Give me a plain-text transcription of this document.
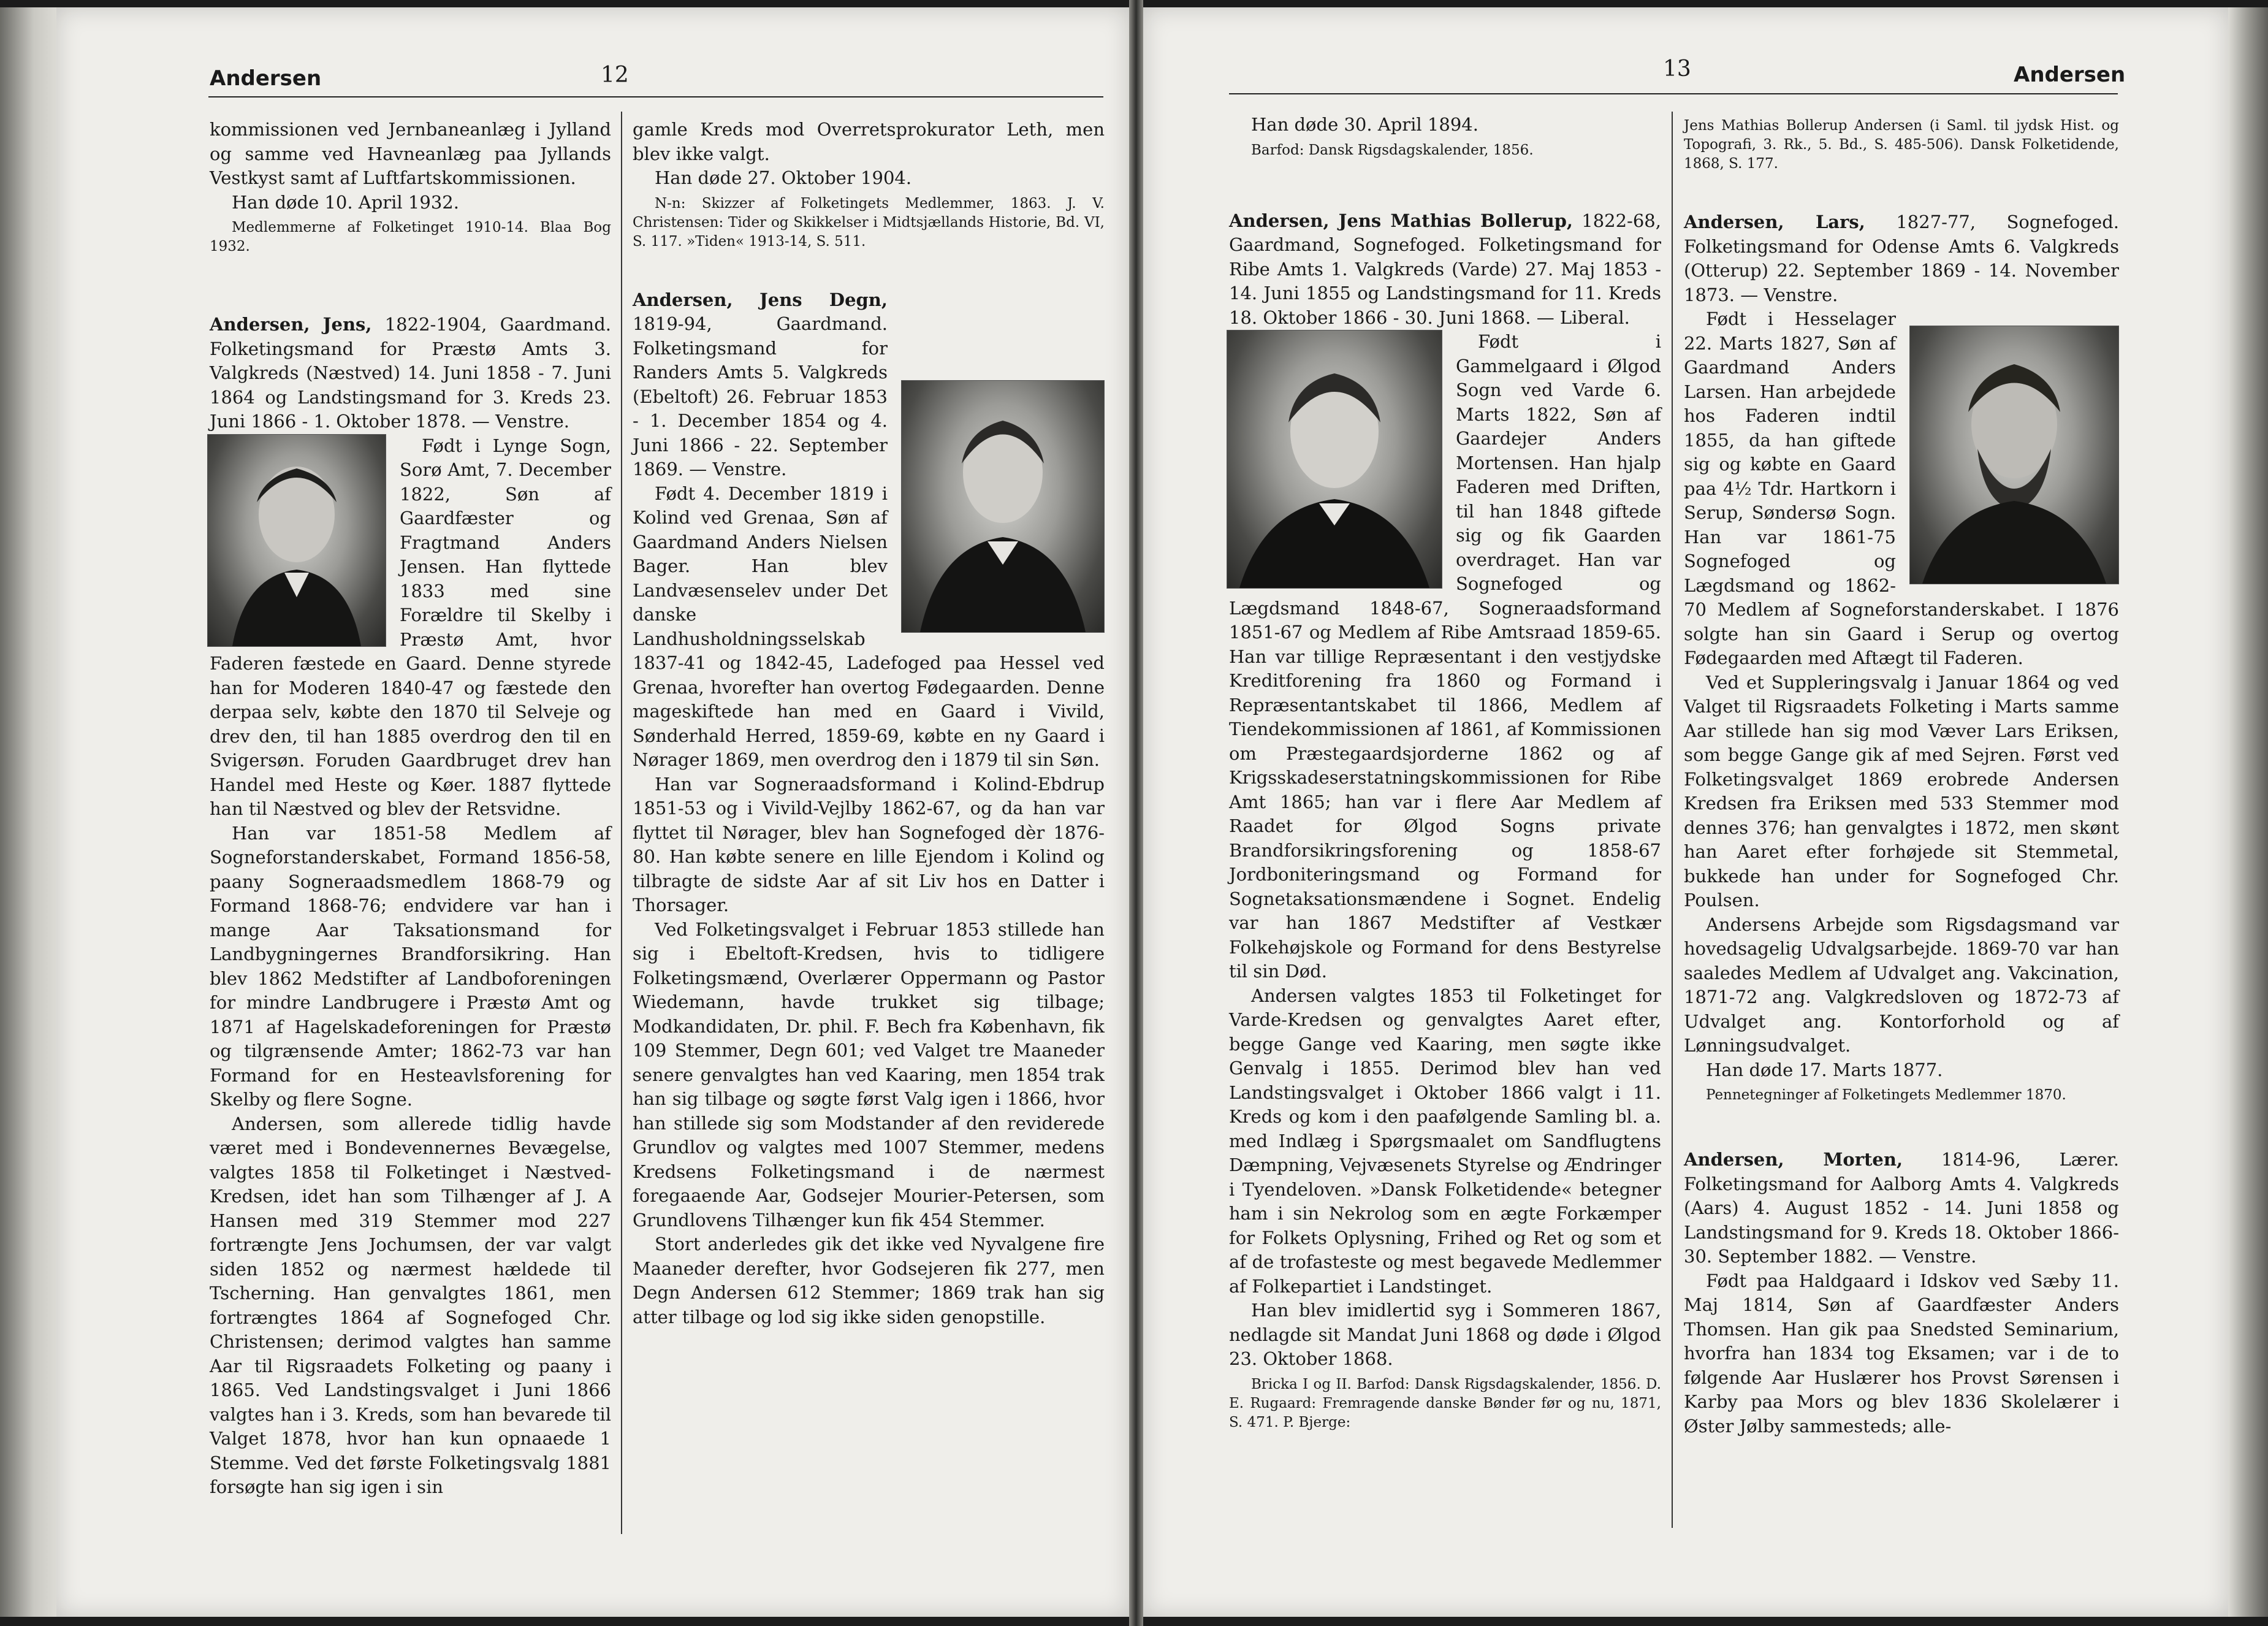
Andersen	12

kommissionen ved Jernbaneanlæg i Jylland og samme ved Havneanlæg paa Jyllands Vestkyst samt af Luftfartskommissionen.

Han døde 10. April 1932.

Medlemmerne af Folketinget 1910-14. Blaa Bog 1932.

Andersen, Jens, 1822-1904, Gaardmand. Folketingsmand for Præstø Amts 3. Valgkreds (Næstved) 14. Juni 1858 - 7. Juni 1864 og Landstingsmand for 3. Kreds 23. Juni 1866 - 1. Oktober 1878. — Venstre.

Født i Lynge Sogn, Sorø Amt, 7. December 1822, Søn af Gaardfæster og Fragtmand Anders Jensen. Han flyttede 1833 med sine Forældre til Skelby i Præstø Amt, hvor Faderen fæstede en Gaard. Denne styrede han for Moderen 1840-47 og fæstede den derpaa selv, købte den 1870 til Selveje og drev den, til han 1885 overdrog den til en Svigersøn. Foruden Gaardbruget drev han Handel med Heste og Køer. 1887 flyttede han til Næstved og blev der Retsvidne.

Han var 1851-58 Medlem af Sogneforstanderskabet, Formand 1856-58, paany Sogneraadsmedlem 1868-79 og Formand 1868-76; endvidere var han i mange Aar Taksationsmand for Landbygningernes Brandforsikring. Han blev 1862 Medstifter af Landboforeningen for mindre Landbrugere i Præstø Amt og 1871 af Hagelskadeforeningen for Præstø og tilgrænsende Amter; 1862-73 var han Formand for en Hesteavlsforening for Skelby og flere Sogne.

Andersen, som allerede tidlig havde været med i Bondevennernes Bevægelse, valgtes 1858 til Folketinget i Næstved-Kredsen, idet han som Tilhænger af J. A Hansen med 319 Stemmer mod 227 fortrængte Jens Jochumsen, der var valgt siden 1852 og nærmest hældede til Tscherning. Han genvalgtes 1861, men fortrængtes 1864 af Sognefoged Chr. Christensen; derimod valgtes han samme Aar til Rigsraadets Folketing og paany i 1865. Ved Landstingsvalget i Juni 1866 valgtes han i 3. Kreds, som han bevarede til Valget 1878, hvor han kun opnaaede 1 Stemme. Ved det første Folketingsvalg 1881 forsøgte han sig igen i sin

gamle Kreds mod Overretsprokurator Leth, men blev ikke valgt.

Han døde 27. Oktober 1904.

N-n: Skizzer af Folketingets Medlemmer, 1863. J. V. Christensen: Tider og Skikkelser i Midtsjællands Historie, Bd. VI, S. 117. »Tiden« 1913-14, S. 511.

Andersen, Jens Degn, 1819-94, Gaardmand. Folketingsmand for Randers Amts 5. Valgkreds (Ebeltoft) 26. Februar 1853 - 1. December 1854 og 4. Juni 1866 - 22. September 1869. — Venstre.

Født 4. December 1819 i Kolind ved Grenaa, Søn af Gaardmand Anders Nielsen Bager. Han blev Landvæsenselev under Det danske Landhusholdningsselskab 1837-41 og 1842-45, Ladefoged paa Hessel ved Grenaa, hvorefter han overtog Fødegaarden. Denne mageskiftede han med en Gaard i Vivild, Sønderhald Herred, 1859-69, købte en ny Gaard i Nørager 1869, men overdrog den i 1879 til sin Søn.

Han var Sogneraadsformand i Kolind-Ebdrup 1851-53 og i Vivild-Vejlby 1862-67, og da han var flyttet til Nørager, blev han Sognefoged dèr 1876-80. Han købte senere en lille Ejendom i Kolind og tilbragte de sidste Aar af sit Liv hos en Datter i Thorsager.

Ved Folketingsvalget i Februar 1853 stillede han sig i Ebeltoft-Kredsen, hvis to tidligere Folketingsmænd, Overlærer Oppermann og Pastor Wiedemann, havde trukket sig tilbage; Modkandidaten, Dr. phil. F. Bech fra København, fik 109 Stemmer, Degn 601; ved Valget tre Maaneder senere genvalgtes han ved Kaaring, men 1854 trak han sig tilbage og søgte først Valg igen i 1866, hvor han stillede sig som Modstander af den reviderede Grundlov og valgtes med 1007 Stemmer, medens Kredsens Folketingsmand i de nærmest foregaaende Aar, Godsejer Mourier-Petersen, som Grundlovens Tilhænger kun fik 454 Stemmer.

Stort anderledes gik det ikke ved Nyvalgene fire Maaneder derefter, hvor Godsejeren fik 277, men Degn Andersen 612 Stemmer; 1869 trak han sig atter tilbage og lod sig ikke siden genopstille.

13	Andersen

Han døde 30. April 1894.

Barfod: Dansk Rigsdagskalender, 1856.

Andersen, Jens Mathias Bollerup, 1822-68, Gaardmand, Sognefoged. Folketingsmand for Ribe Amts 1. Valgkreds (Varde) 27. Maj 1853 - 14. Juni 1855 og Landstingsmand for 11. Kreds 18. Oktober 1866 - 30. Juni 1868. — Liberal.

Født i Gammelgaard i Ølgod Sogn ved Varde 6. Marts 1822, Søn af Gaardejer Anders Mortensen. Han hjalp Faderen med Driften, til han 1848 giftede sig og fik Gaarden overdraget. Han var Sognefoged og Lægdsmand 1848-67, Sogneraadsformand 1851-67 og Medlem af Ribe Amtsraad 1859-65. Han var tillige Repræsentant i den vestjydske Kreditforening fra 1860 og Formand i Repræsentantskabet til 1866, Medlem af Tiendekommissionen af 1861, af Kommissionen om Præstegaardsjorderne 1862 og af Krigsskadeserstatningskommissionen for Ribe Amt 1865; han var i flere Aar Medlem af Raadet for Ølgod Sogns private Brandforsikringsforening og 1858-67 Jordboniteringsmand og Formand for Sognetaksationsmændene i Sognet. Endelig var han 1867 Medstifter af Vestkær Folkehøjskole og Formand for dens Bestyrelse til sin Død.

Andersen valgtes 1853 til Folketinget for Varde-Kredsen og genvalgtes Aaret efter, begge Gange ved Kaaring, men søgte ikke Genvalg i 1855. Derimod blev han ved Landstingsvalget i Oktober 1866 valgt i 11. Kreds og kom i den paafølgende Samling bl. a. med Indlæg i Spørgsmaalet om Sandflugtens Dæmpning, Vejvæsenets Styrelse og Ændringer i Tyendeloven. »Dansk Folketidende« betegner ham i sin Nekrolog som en ægte Forkæmper for Folkets Oplysning, Frihed og Ret og som et af de trofasteste og mest begavede Medlemmer af Folkepartiet i Landstinget.

Han blev imidlertid syg i Sommeren 1867, nedlagde sit Mandat Juni 1868 og døde i Ølgod 23. Oktober 1868.

Bricka I og II. Barfod: Dansk Rigsdagskalender, 1856. D. E. Rugaard: Fremragende danske Bønder før og nu, 1871, S. 471. P. Bjerge:

Jens Mathias Bollerup Andersen (i Saml. til jydsk Hist. og Topografi, 3. Rk., 5. Bd., S. 485-506). Dansk Folketidende, 1868, S. 177.

Andersen, Lars, 1827-77, Sognefoged. Folketingsmand for Odense Amts 6. Valgkreds (Otterup) 22. September 1869 - 14. November 1873. — Venstre.

Født i Hesselager 22. Marts 1827, Søn af Gaardmand Anders Larsen. Han arbejdede hos Faderen indtil 1855, da han giftede sig og købte en Gaard paa 4½ Tdr. Hartkorn i Serup, Søndersø Sogn. Han var 1861-75 Sognefoged og Lægdsmand og 1862-70 Medlem af Sogneforstanderskabet. I 1876 solgte han sin Gaard i Serup og overtog Fødegaarden med Aftægt til Faderen.

Ved et Suppleringsvalg i Januar 1864 og ved Valget til Rigsraadets Folketing i Marts samme Aar stillede han sig mod Væver Lars Eriksen, som begge Gange gik af med Sejren. Først ved Folketingsvalget 1869 erobrede Andersen Kredsen fra Eriksen med 533 Stemmer mod dennes 376; han genvalgtes i 1872, men skønt han Aaret efter forhøjede sit Stemmetal, bukkede han under for Sognefoged Chr. Poulsen.

Andersens Arbejde som Rigsdagsmand var hovedsagelig Udvalgsarbejde. 1869-70 var han saaledes Medlem af Udvalget ang. Vakcination, 1871-72 ang. Valgkredsloven og 1872-73 af Udvalget ang. Kontorforhold og af Lønningsudvalget.

Han døde 17. Marts 1877.

Pennetegninger af Folketingets Medlemmer 1870.

Andersen, Morten, 1814-96, Lærer. Folketingsmand for Aalborg Amts 4. Valgkreds (Aars) 4. August 1852 - 14. Juni 1858 og Landstingsmand for 9. Kreds 18. Oktober 1866-30. September 1882. — Venstre.

Født paa Haldgaard i Idskov ved Sæby 11. Maj 1814, Søn af Gaardfæster Anders Thomsen. Han gik paa Snedsted Seminarium, hvorfra han 1834 tog Eksamen; var i de to følgende Aar Huslærer hos Provst Sørensen i Karby paa Mors og blev 1836 Skolelærer i Øster Jølby sammesteds; alle-
